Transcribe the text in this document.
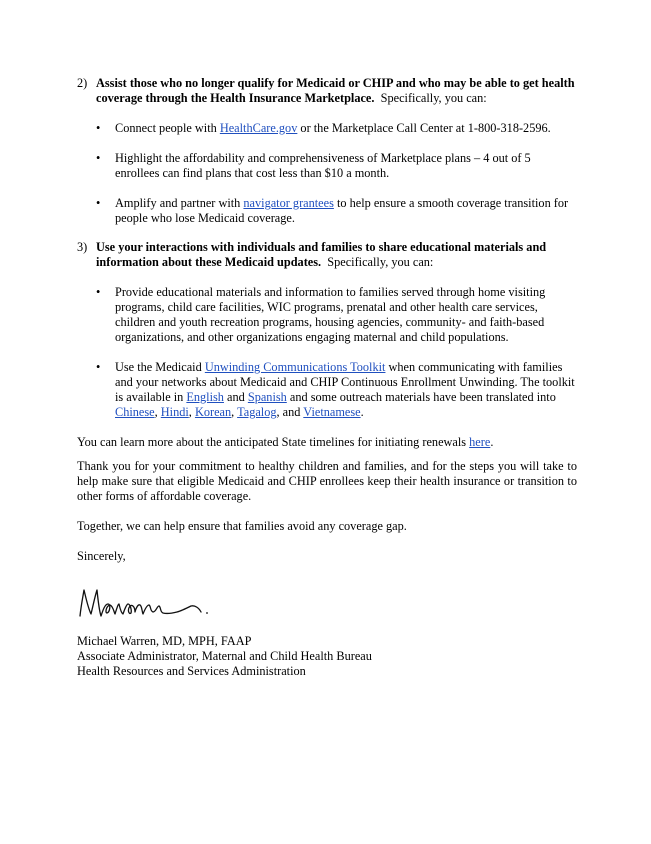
2) Assist those who no longer qualify for Medicaid or CHIP and who may be able to get health coverage through the Health Insurance Marketplace. Specifically, you can:
• Connect people with HealthCare.gov or the Marketplace Call Center at 1-800-318-2596.
• Highlight the affordability and comprehensiveness of Marketplace plans – 4 out of 5 enrollees can find plans that cost less than $10 a month.
• Amplify and partner with navigator grantees to help ensure a smooth coverage transition for people who lose Medicaid coverage.
3) Use your interactions with individuals and families to share educational materials and information about these Medicaid updates. Specifically, you can:
• Provide educational materials and information to families served through home visiting programs, child care facilities, WIC programs, prenatal and other health care services, children and youth recreation programs, housing agencies, community- and faith-based organizations, and other organizations engaging maternal and child populations.
• Use the Medicaid Unwinding Communications Toolkit when communicating with families and your networks about Medicaid and CHIP Continuous Enrollment Unwinding. The toolkit is available in English and Spanish and some outreach materials have been translated into Chinese, Hindi, Korean, Tagalog, and Vietnamese.

You can learn more about the anticipated State timelines for initiating renewals here.

Thank you for your commitment to healthy children and families, and for the steps you will take to help make sure that eligible Medicaid and CHIP enrollees keep their health insurance or transition to other forms of affordable coverage.

Together, we can help ensure that families avoid any coverage gap.

Sincerely,

Michael Warren, MD, MPH, FAAP

Associate Administrator, Maternal and Child Health Bureau

Health Resources and Services Administration
